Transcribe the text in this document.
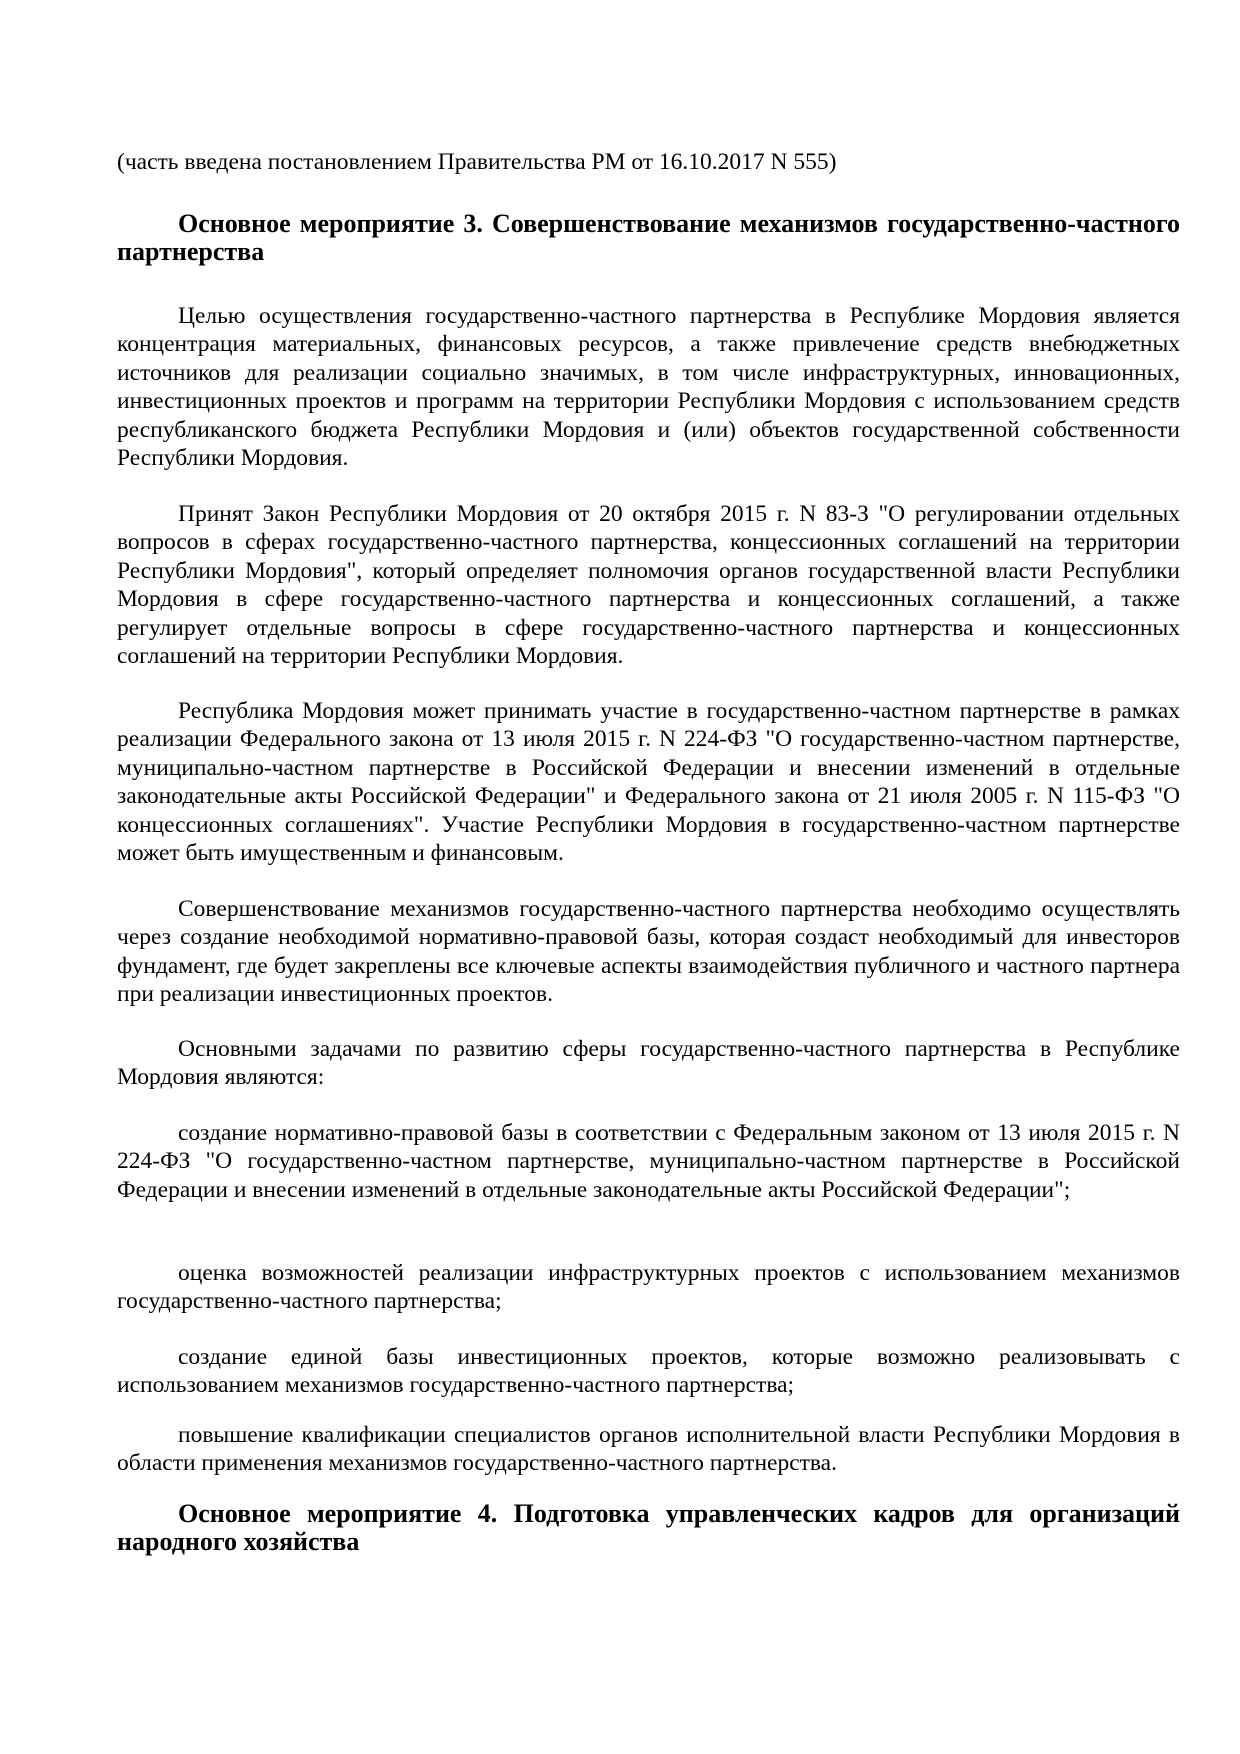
(часть введена постановлением Правительства РМ от 16.10.2017 N 555)

Основное мероприятие 3. Совершенствование механизмов государственно-частного партнерства

Целью осуществления государственно-частного партнерства в Республике Мордовия является концентрация материальных, финансовых ресурсов, а также привлечение средств внебюджетных источников для реализации социально значимых, в том числе инфраструктурных, инновационных, инвестиционных проектов и программ на территории Республики Мордовия с использованием средств республиканского бюджета Республики Мордовия и (или) объектов государственной собственности Республики Мордовия.

Принят Закон Республики Мордовия от 20 октября 2015 г. N 83-З "О регулировании отдельных вопросов в сферах государственно-частного партнерства, концессионных соглашений на территории Республики Мордовия", который определяет полномочия органов государственной власти Республики Мордовия в сфере государственно-частного партнерства и концессионных соглашений, а также регулирует отдельные вопросы в сфере государственно-частного партнерства и концессионных соглашений на территории Республики Мордовия.

Республика Мордовия может принимать участие в государственно-частном партнерстве в рамках реализации Федерального закона от 13 июля 2015 г. N 224-ФЗ "О государственно-частном партнерстве, муниципально-частном партнерстве в Российской Федерации и внесении изменений в отдельные законодательные акты Российской Федерации" и Федерального закона от 21 июля 2005 г. N 115-ФЗ "О концессионных соглашениях". Участие Республики Мордовия в государственно-частном партнерстве может быть имущественным и финансовым.

Совершенствование механизмов государственно-частного партнерства необходимо осуществлять через создание необходимой нормативно-правовой базы, которая создаст необходимый для инвесторов фундамент, где будет закреплены все ключевые аспекты взаимодействия публичного и частного партнера при реализации инвестиционных проектов.

Основными задачами по развитию сферы государственно-частного партнерства в Республике Мордовия являются:

создание нормативно-правовой базы в соответствии с Федеральным законом от 13 июля 2015 г. N 224-ФЗ "О государственно-частном партнерстве, муниципально-частном партнерстве в Российской Федерации и внесении изменений в отдельные законодательные акты Российской Федерации";

оценка возможностей реализации инфраструктурных проектов с использованием механизмов государственно-частного партнерства;

создание единой базы инвестиционных проектов, которые возможно реализовывать с использованием механизмов государственно-частного партнерства;

повышение квалификации специалистов органов исполнительной власти Республики Мордовия в области применения механизмов государственно-частного партнерства.

Основное мероприятие 4. Подготовка управленческих кадров для организаций народного хозяйства
